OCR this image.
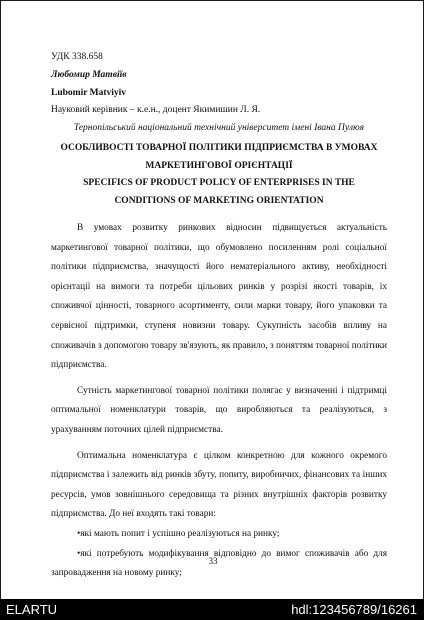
УДК 338.658
Любомир Матвіїв
Lubomir Matviyiv
Науковий керівник – к.е.н., доцент Якимишин Л. Я.
Тернопільський національний технічний університет імені Івана Пулюя
ОСОБЛИВОСТІ ТОВАРНОЇ ПОЛІТИКИ ПІДПРИЄМСТВА В УМОВАХ
МАРКЕТИНГОВОЇ ОРІЄНТАЦІЇ
SPECIFICS OF PRODUCT POLICY OF ENTERPRISES IN THE
CONDITIONS OF MARKETING ORIENTATION

В умовах розвитку ринкових відносин підвищується актуальність маркетингової товарної політики, що обумовлено посиленням ролі соціальної політики підприємства, значущості його нематеріального активу, необхідності орієнтації на вимоги та потреби цільових ринків у розрізі якості товарів, їх споживчої цінності, товарного асортименту, сили марки товару, його упаковки та сервісної підтримки, ступеня новизни товару. Сукупність засобів впливу на споживачів з допомогою товару зв'язують, як правило, з поняттям товарної політики підприємства.

Сутність маркетингової товарної політики полягає у визначенні і підтримці оптимальної номенклатури товарів, що виробляються та реалізуються, з урахуванням поточних цілей підприємства.

Оптимальна номенклатура є цілком конкретною для кожного окремого підприємства і залежить від ринків збуту, попиту, виробничих, фінансових та інших ресурсів, умов зовнішнього середовища та різних внутрішніх факторів розвитку підприємства. До неї входять такі товари:

•які мають попит і успішно реалізуються на ринку;

•які потребують модифікування відповідно до вимог споживачів або для запровадження на новому ринку;

33
ELARTU	hdl:123456789/16261
